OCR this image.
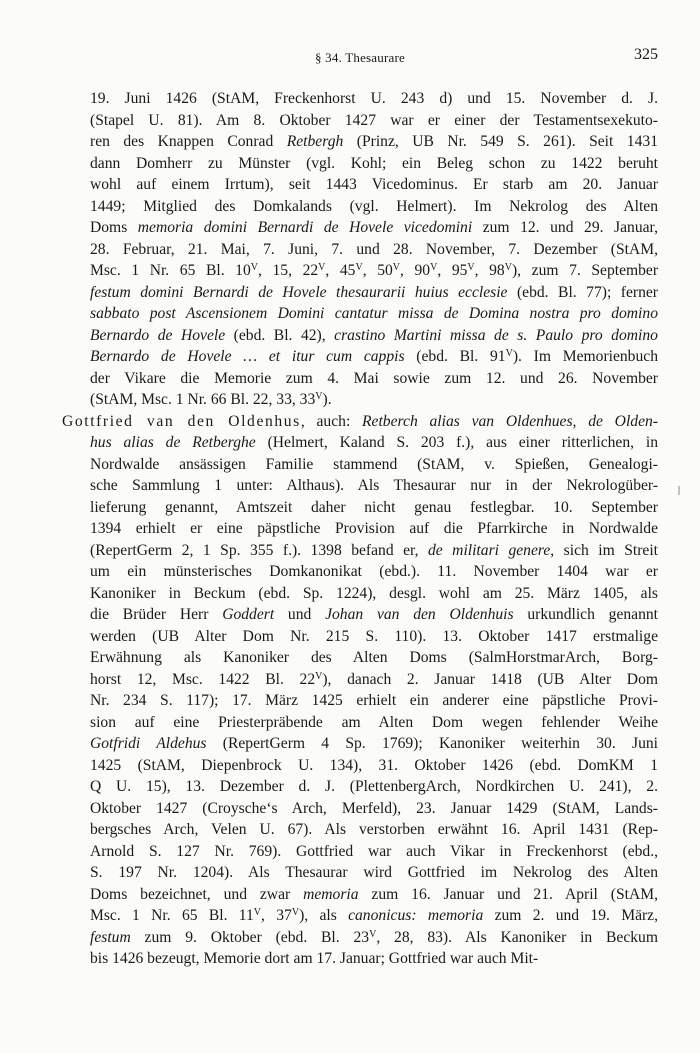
§ 34. Thesaurare	325
19. Juni 1426 (StAM, Freckenhorst U. 243 d) und 15. November d. J.
(Stapel U. 81). Am 8. Oktober 1427 war er einer der Testamentsexekuto-
ren des Knappen Conrad Retbergh (Prinz, UB Nr. 549 S. 261). Seit 1431
dann Domherr zu Münster (vgl. Kohl; ein Beleg schon zu 1422 beruht
wohl auf einem Irrtum), seit 1443 Vicedominus. Er starb am 20. Januar
1449; Mitglied des Domkalands (vgl. Helmert). Im Nekrolog des Alten
Doms memoria domini Bernardi de Hovele vicedomini zum 12. und 29. Januar,
28. Februar, 21. Mai, 7. Juni, 7. und 28. November, 7. Dezember (StAM,
Msc. 1 Nr. 65 Bl. $10^V$, 15, $22^V$, $45^V$, $50^V$, $90^V$, $95^V$, $98^V$), zum 7. September
festum domini Bernardi de Hovele thesaurarii huius ecclesie (ebd. Bl. 77); ferner
sabbato post Ascensionem Domini cantatur missa de Domina nostra pro domino
Bernardo de Hovele (ebd. Bl. 42), crastino Martini missa de s. Paulo pro domino
Bernardo de Hovele … et itur cum cappis (ebd. Bl. $91^V$). Im Memorienbuch
der Vikare die Memorie zum 4. Mai sowie zum 12. und 26. November
(StAM, Msc. 1 Nr. 66 Bl. 22, 33, $33^V$).
Gottfried van den Oldenhus, auch: Retberch alias van Oldenhues, de Olden-
hus alias de Retberghe (Helmert, Kaland S. 203 f.), aus einer ritterlichen, in
Nordwalde ansässigen Familie stammend (StAM, v. Spießen, Genealogi-
sche Sammlung 1 unter: Althaus). Als Thesaurar nur in der Nekrologüber-
lieferung genannt, Amtszeit daher nicht genau festlegbar. 10. September
1394 erhielt er eine päpstliche Provision auf die Pfarrkirche in Nordwalde
(RepertGerm 2, 1 Sp. 355 f.). 1398 befand er, de militari genere, sich im Streit
um ein münsterisches Domkanonikat (ebd.). 11. November 1404 war er
Kanoniker in Beckum (ebd. Sp. 1224), desgl. wohl am 25. März 1405, als
die Brüder Herr Goddert und Johan van den Oldenhuis urkundlich genannt
werden (UB Alter Dom Nr. 215 S. 110). 13. Oktober 1417 erstmalige
Erwähnung als Kanoniker des Alten Doms (SalmHorstmarArch, Borg-
horst 12, Msc. 1422 Bl. $22^V$), danach 2. Januar 1418 (UB Alter Dom
Nr. 234 S. 117); 17. März 1425 erhielt ein anderer eine päpstliche Provi-
sion auf eine Priesterpräbende am Alten Dom wegen fehlender Weihe
Gotfridi Aldehus (RepertGerm 4 Sp. 1769); Kanoniker weiterhin 30. Juni
1425 (StAM, Diepenbrock U. 134), 31. Oktober 1426 (ebd. DomKM 1
Q U. 15), 13. Dezember d. J. (PlettenbergArch, Nordkirchen U. 241), 2.
Oktober 1427 (Croysche‘s Arch, Merfeld), 23. Januar 1429 (StAM, Lands-
bergsches Arch, Velen U. 67). Als verstorben erwähnt 16. April 1431 (Rep-
Arnold S. 127 Nr. 769). Gottfried war auch Vikar in Freckenhorst (ebd.,
S. 197 Nr. 1204). Als Thesaurar wird Gottfried im Nekrolog des Alten
Doms bezeichnet, und zwar memoria zum 16. Januar und 21. April (StAM,
Msc. 1 Nr. 65 Bl. $11^V$, $37^V$), als canonicus: memoria zum 2. und 19. März,
festum zum 9. Oktober (ebd. Bl. $23^V$, 28, 83). Als Kanoniker in Beckum
bis 1426 bezeugt, Memorie dort am 17. Januar; Gottfried war auch Mit-
